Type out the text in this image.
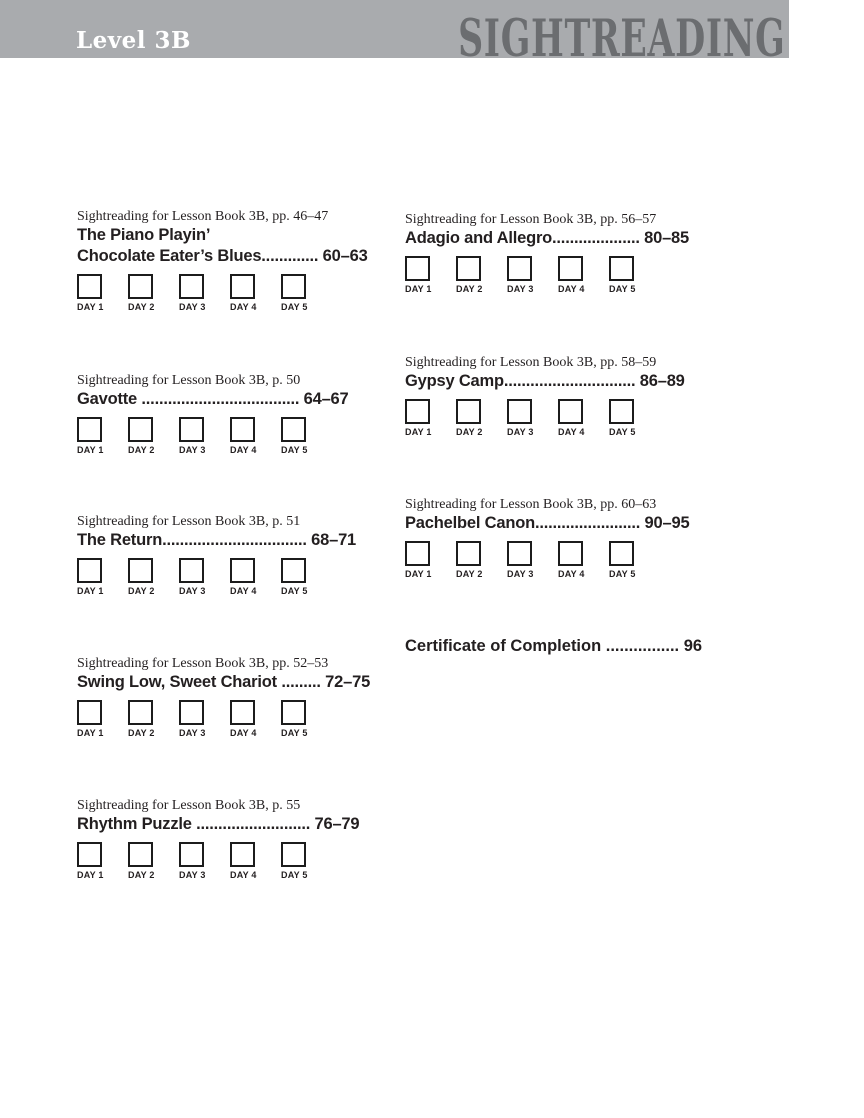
Level 3B	SIGHTREADING
Sightreading for Lesson Book 3B, pp. 46–47
The Piano Playin’
Chocolate Eater’s Blues............. 60–63
DAY 1	DAY 2	DAY 3	DAY 4	DAY 5
Sightreading for Lesson Book 3B, p. 50
Gavotte .................................... 64–67
DAY 1	DAY 2	DAY 3	DAY 4	DAY 5
Sightreading for Lesson Book 3B, p. 51
The Return................................. 68–71
DAY 1	DAY 2	DAY 3	DAY 4	DAY 5
Sightreading for Lesson Book 3B, pp. 52–53
Swing Low, Sweet Chariot ......... 72–75
DAY 1	DAY 2	DAY 3	DAY 4	DAY 5
Sightreading for Lesson Book 3B, p. 55
Rhythm Puzzle .......................... 76–79
DAY 1	DAY 2	DAY 3	DAY 4	DAY 5
Sightreading for Lesson Book 3B, pp. 56–57
Adagio and Allegro.................... 80–85
DAY 1	DAY 2	DAY 3	DAY 4	DAY 5
Sightreading for Lesson Book 3B, pp. 58–59
Gypsy Camp.............................. 86–89
DAY 1	DAY 2	DAY 3	DAY 4	DAY 5
Sightreading for Lesson Book 3B, pp. 60–63
Pachelbel Canon........................ 90–95
DAY 1	DAY 2	DAY 3	DAY 4	DAY 5
Certificate of Completion ................ 96
